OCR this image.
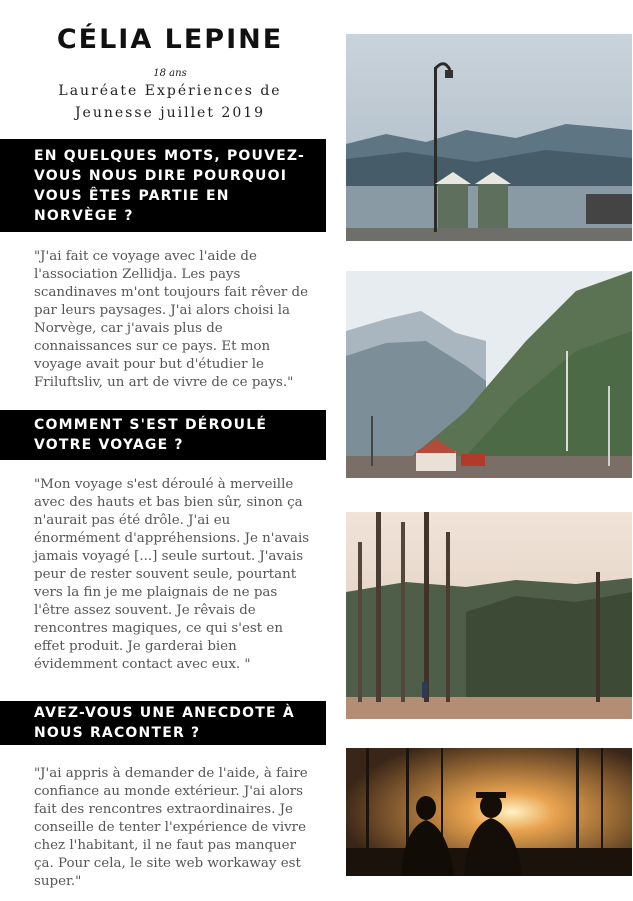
CÉLIA LEPINE
18 ans
Lauréate Expériences de
Jeunesse juillet 2019
EN QUELQUES MOTS, POUVEZ-VOUS NOUS DIRE POURQUOI VOUS ÊTES PARTIE EN NORVÈGE ?
"J'ai fait ce voyage avec l'aide de l'association Zellidja. Les pays scandinaves m'ont toujours fait rêver de par leurs paysages. J'ai alors choisi la Norvège, car j'avais plus de connaissances sur ce pays. Et mon voyage avait pour but d'étudier le Friluftsliv, un art de vivre de ce pays."
COMMENT S'EST DÉROULÉ VOTRE VOYAGE ?
"Mon voyage s'est déroulé à merveille avec des hauts et bas bien sûr, sinon ça n'aurait pas été drôle. J'ai eu énormément d'appréhensions. Je n'avais jamais voyagé [...] seule surtout. J'avais peur de rester souvent seule, pourtant vers la fin je me plaignais de ne pas l'être assez souvent. Je rêvais de rencontres magiques, ce qui s'est en effet produit. Je garderai bien évidemment contact avec eux. "
AVEZ-VOUS UNE ANECDOTE À NOUS RACONTER ?
"J'ai appris à demander de l'aide, à faire confiance au monde extérieur. J'ai alors fait des rencontres extraordinaires. Je conseille de tenter l'expérience de vivre chez l'habitant, il ne faut pas manquer ça. Pour cela, le site web workaway est super."
